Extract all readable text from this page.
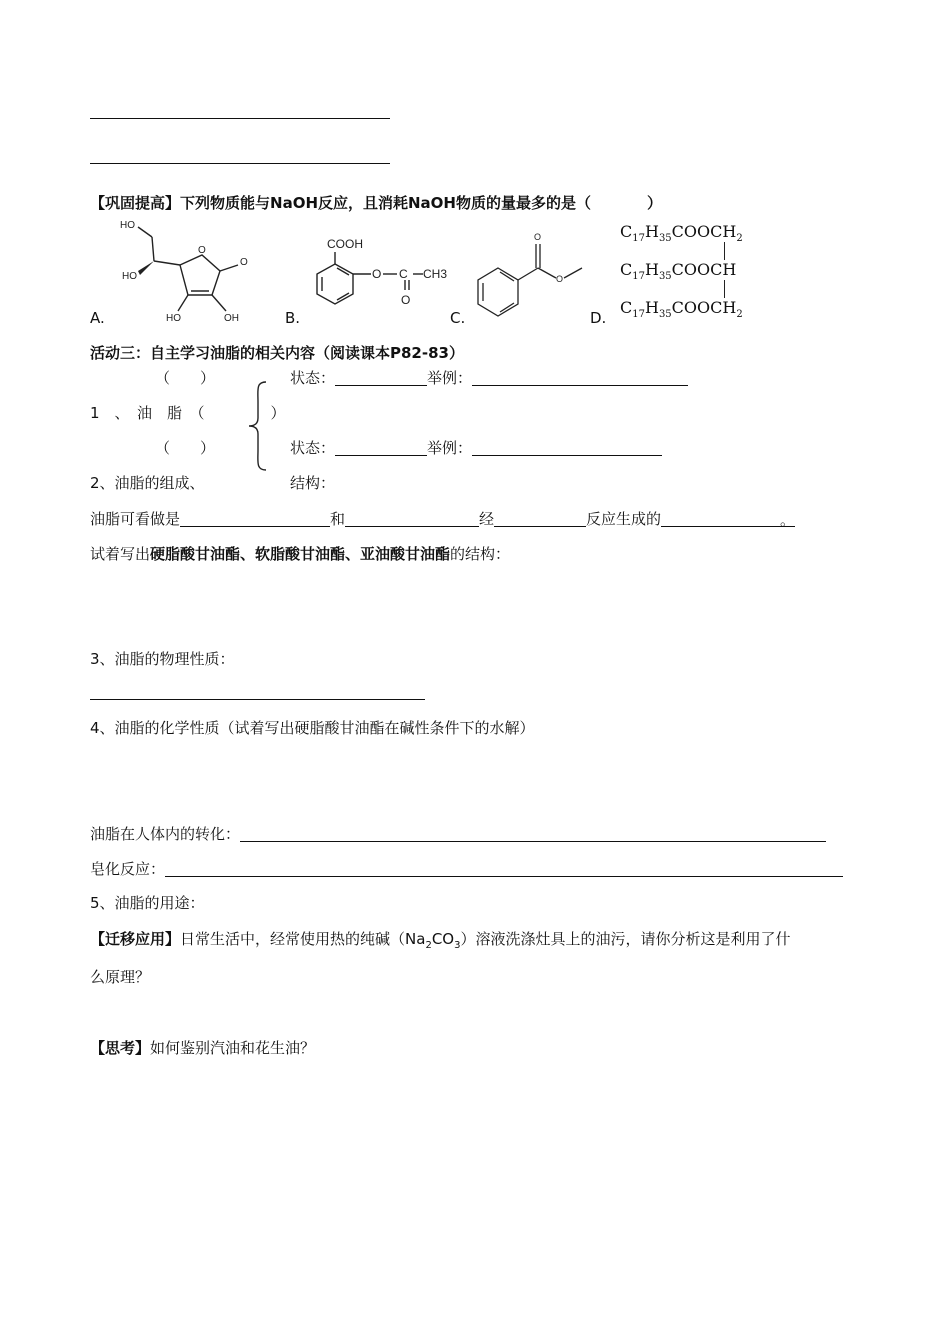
【巩固提高】下列物质能与NaOH反应，且消耗NaOH物质的量最多的是（	）
HO
HO
O
O
HO	OH
A.
COOH
O C CH3
O
B.
O
O
C.
$C_{17}H_{35}COOCH_2$
$C_{17}H_{35}COOCH$
$C_{17}H_{35}COOCH_2$
D.
活动三：自主学习油脂的相关内容（阅读课本P82-83）
（ ）	状态：	举例：
1　、　油　脂　（	）
（ ）	状态：	举例：
2、油脂的组成、	结构：
油脂可看做是	和	经	反应生成的	。
试着写出硬脂酸甘油酯、软脂酸甘油酯、亚油酸甘油酯的结构：
3、油脂的物理性质：
4、油脂的化学性质（试着写出硬脂酸甘油酯在碱性条件下的水解）
油脂在人体内的转化：
皂化反应：
5、油脂的用途：
【迁移应用】日常生活中，经常使用热的纯碱$(Na_2CO_3)$溶液洗涤灶具上的油污，请你分析这是利用了什
么原理？
【思考】如何鉴别汽油和花生油？
